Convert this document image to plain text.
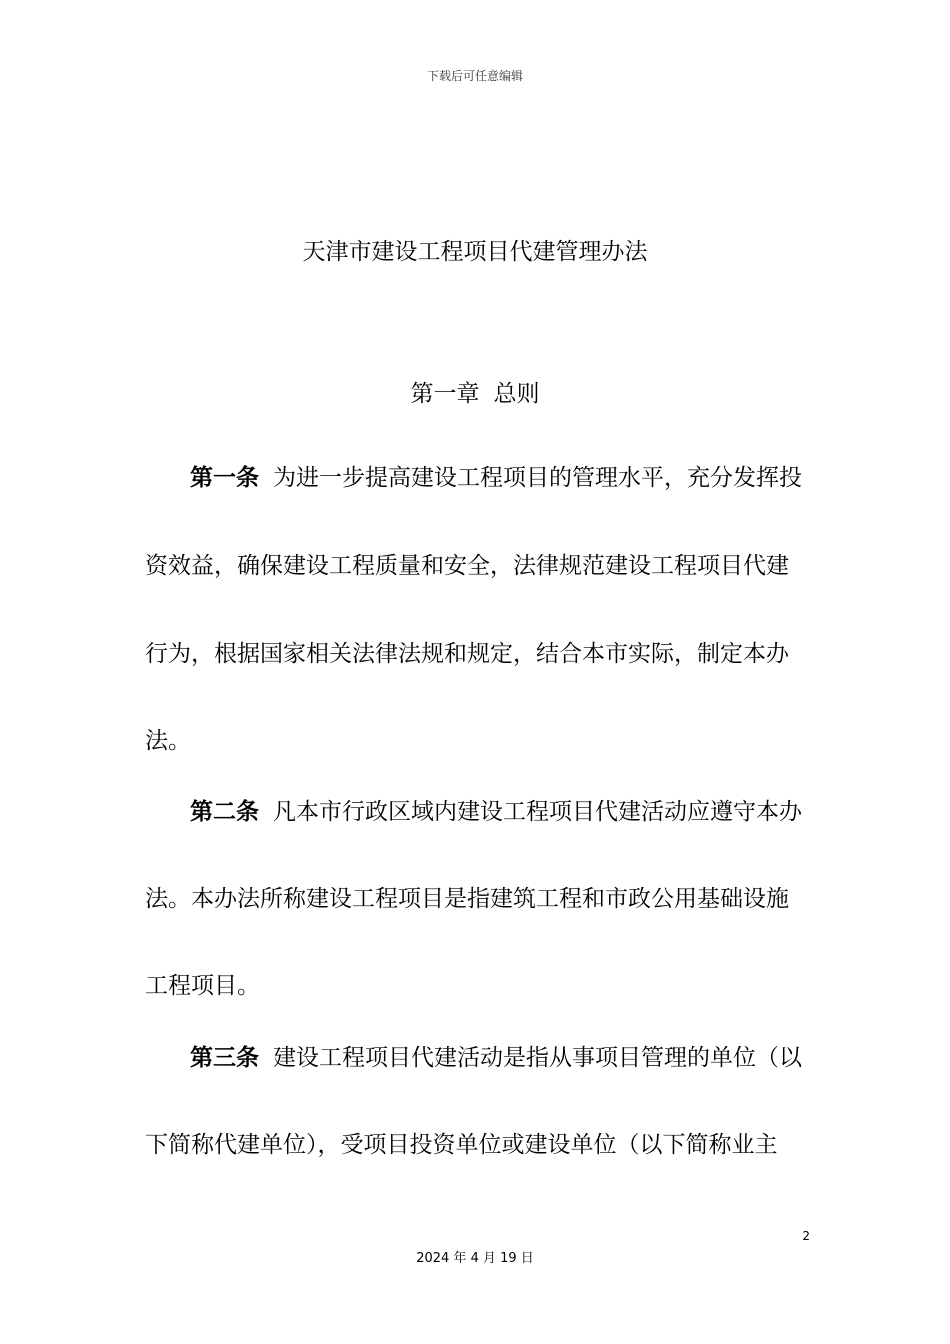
下载后可任意编辑
天津市建设工程项目代建管理办法
第一章 总则
第一条 为进一步提高建设工程项目的管理水平，充分发挥投
资效益，确保建设工程质量和安全，法律规范建设工程项目代建
行为，根据国家相关法律法规和规定，结合本市实际，制定本办
法。
第二条 凡本市行政区域内建设工程项目代建活动应遵守本办
法。本办法所称建设工程项目是指建筑工程和市政公用基础设施
工程项目。
第三条 建设工程项目代建活动是指从事项目管理的单位（以
下简称代建单位），受项目投资单位或建设单位（以下简称业主
2
2024 年 4 月 19 日
